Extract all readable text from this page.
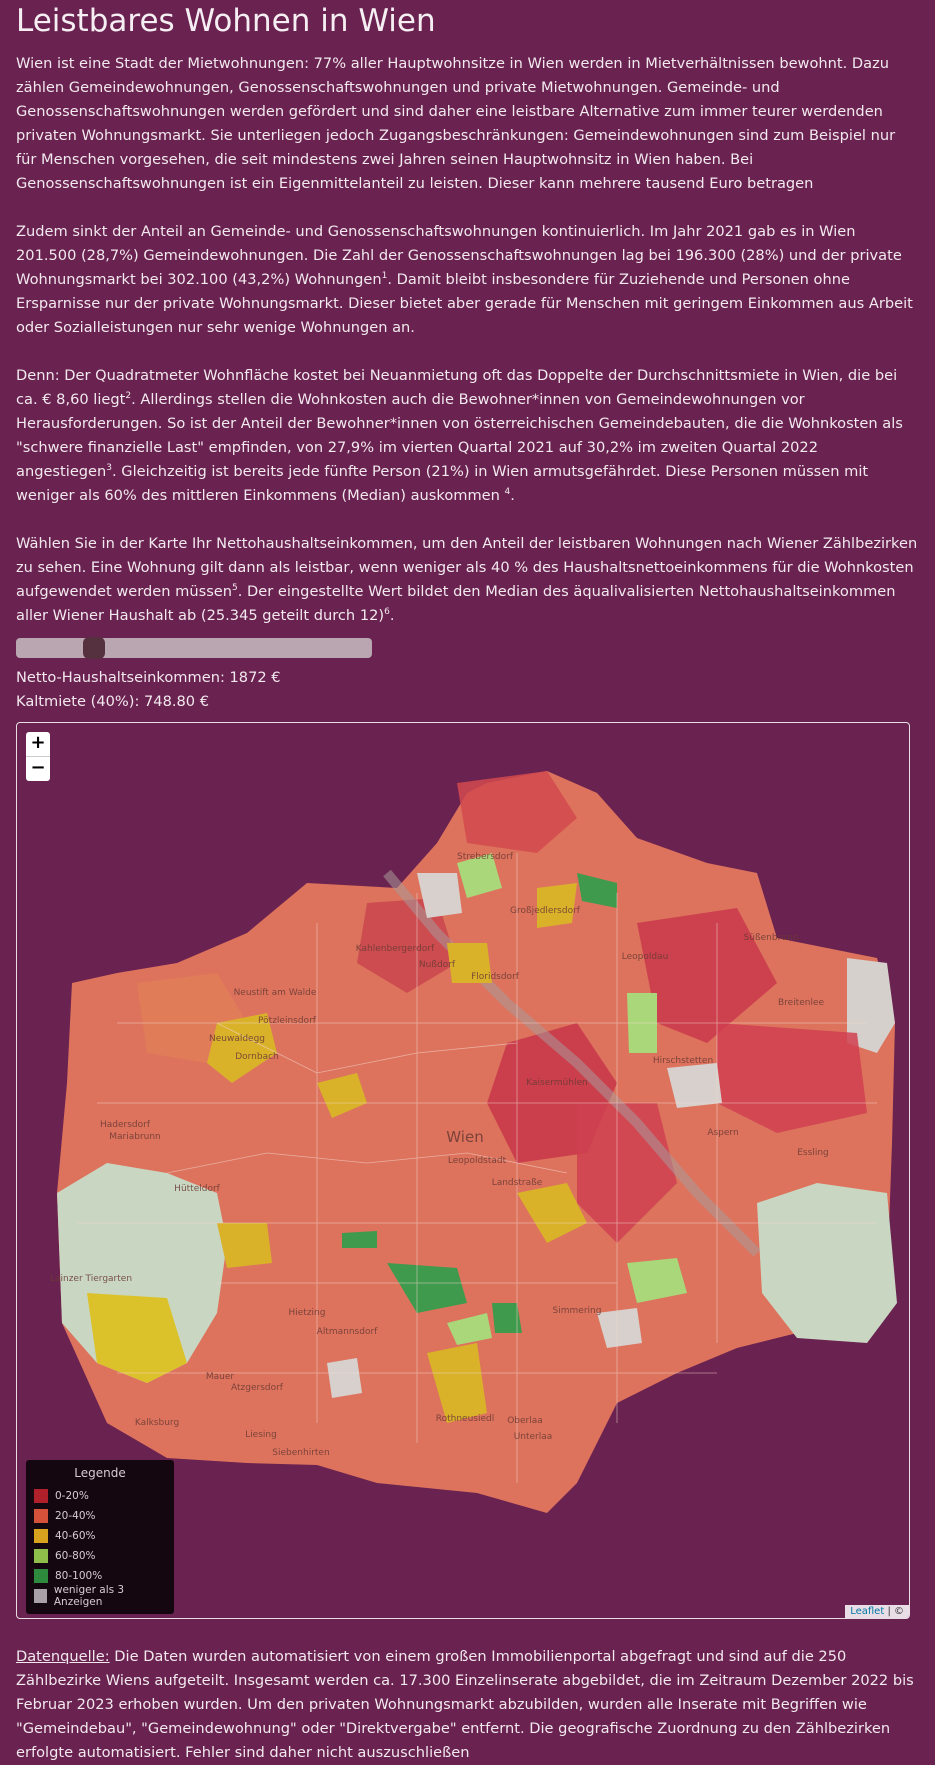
Leistbares Wohnen in Wien

Wien ist eine Stadt der Mietwohnungen: 77% aller Hauptwohnsitze in Wien werden in Mietverhältnissen bewohnt. Dazu zählen Gemeindewohnungen, Genossenschaftswohnungen und private Mietwohnungen. Gemeinde- und Genossenschaftswohnungen werden gefördert und sind daher eine leistbare Alternative zum immer teurer werdenden privaten Wohnungsmarkt. Sie unterliegen jedoch Zugangsbeschränkungen: Gemeindewohnungen sind zum Beispiel nur für Menschen vorgesehen, die seit mindestens zwei Jahren seinen Hauptwohnsitz in Wien haben. Bei Genossenschaftswohnungen ist ein Eigenmittelanteil zu leisten. Dieser kann mehrere tausend Euro betragen

Zudem sinkt der Anteil an Gemeinde- und Genossenschaftswohnungen kontinuierlich. Im Jahr 2021 gab es in Wien 201.500 (28,7%) Gemeindewohnungen. Die Zahl der Genossenschaftswohnungen lag bei 196.300 (28%) und der private Wohnungsmarkt bei 302.100 (43,2%) Wohnungen$^1$. Damit bleibt insbesondere für Zuziehende und Personen ohne Ersparnisse nur der private Wohnungsmarkt. Dieser bietet aber gerade für Menschen mit geringem Einkommen aus Arbeit oder Sozialleistungen nur sehr wenige Wohnungen an.

Denn: Der Quadratmeter Wohnfläche kostet bei Neuanmietung oft das Doppelte der Durchschnittsmiete in Wien, die bei ca. € 8,60 liegt$^2$. Allerdings stellen die Wohnkosten auch die Bewohner*innen von Gemeindewohnungen vor Herausforderungen. So ist der Anteil der Bewohner*innen von österreichischen Gemeindebauten, die die Wohnkosten als "schwere finanzielle Last" empfinden, von 27,9% im vierten Quartal 2021 auf 30,2% im zweiten Quartal 2022 angestiegen$^3$. Gleichzeitig ist bereits jede fünfte Person (21%) in Wien armutsgefährdet. Diese Personen müssen mit weniger als 60% des mittleren Einkommens (Median) auskommen $^4$.

Wählen Sie in der Karte Ihr Nettohaushaltseinkommen, um den Anteil der leistbaren Wohnungen nach Wiener Zählbezirken zu sehen. Eine Wohnung gilt dann als leistbar, wenn weniger als 40 % des Haushaltsnettoeinkommens für die Wohnkosten aufgewendet werden müssen$^5$. Der eingestellte Wert bildet den Median des äqualivalisierten Nettohaushaltseinkommen aller Wiener Haushalt ab (25.345 geteilt durch 12)$^6$.

Netto-Haushaltseinkommen: 1872 €
Kaltmiete (40%): 748.80 €
Strebersdorf
Großjedlersdorf
Kahlenbergerdorf
Süßenbrunn
Leopoldau
Nußdorf
Floridsdorf
Neustift am Walde
Breitenlee
Pötzleinsdorf
Neuwaldegg
Dornbach	Hirschstetten
Kaisermühlen
Hadersdorf
Mariabrunn	Aspern
Essling
Hütteldorf
Lainzer Tiergarten
Hietzing
Altmannsdorf
Mauer
Atzgersdorf
Kalksburg
Liesing
Siebenhirten
Oberlaa
Unterlaa
Rothneusiedl
Simmering
Wien
Leopoldstadt
Landstraße
+
−
Legende
0-20%
20-40%
40-60%
60-80%
80-100%
weniger als 3 Anzeigen
Leaflet | ©
Datenquelle: Die Daten wurden automatisiert von einem großen Immobilienportal abgefragt und sind auf die 250 Zählbezirke Wiens aufgeteilt. Insgesamt werden ca. 17.300 Einzelinserate abgebildet, die im Zeitraum Dezember 2022 bis Februar 2023 erhoben wurden. Um den privaten Wohnungsmarkt abzubilden, wurden alle Inserate mit Begriffen wie "Gemeindebau", "Gemeindewohnung" oder "Direktvergabe" entfernt. Die geografische Zuordnung zu den Zählbezirken erfolgte automatisiert. Fehler sind daher nicht auszuschließen
